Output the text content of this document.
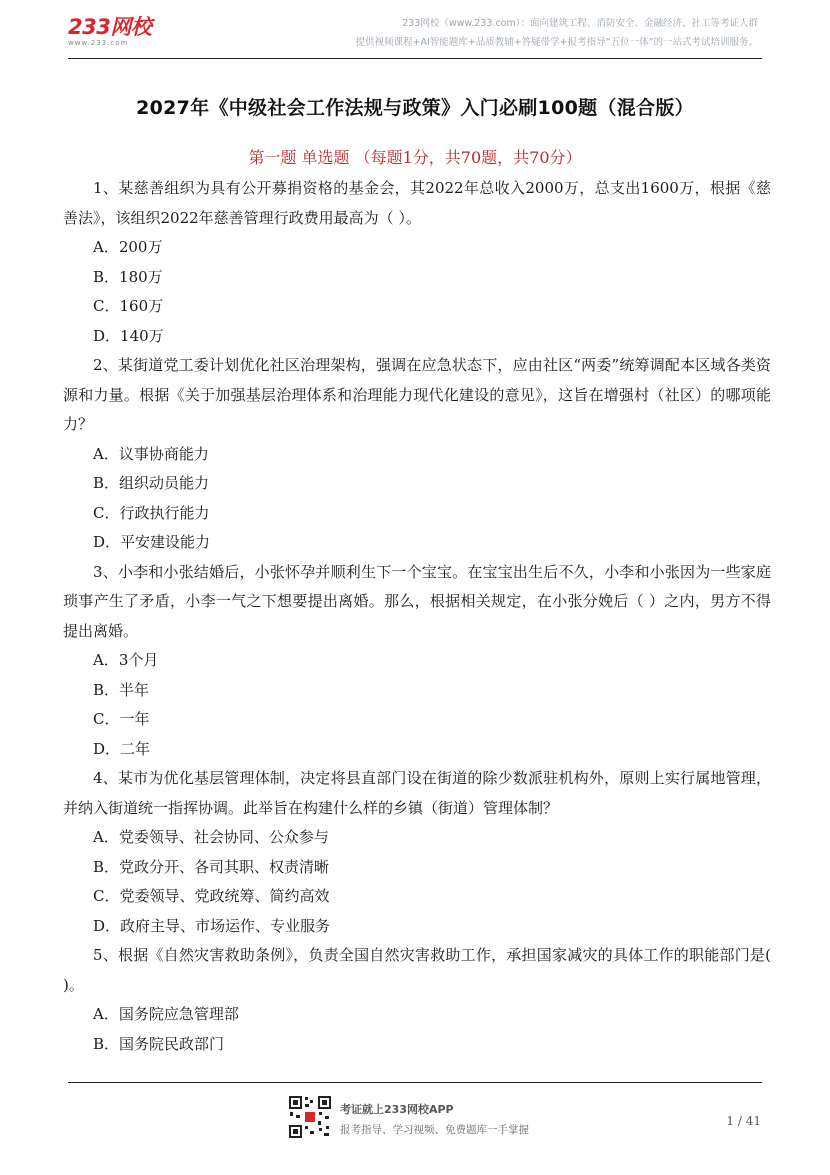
233网校
www.233.com
233网校（www.233.com）：面向建筑工程、消防安全、金融经济、社工等考证人群
提供视频课程+AI智能题库+品质教辅+答疑带学+报考指导“五位一体”的一站式考试培训服务。
2027年《中级社会工作法规与政策》入门必刷100题（混合版）
第一题 单选题 （每题1分，共70题，共70分）

1、某慈善组织为具有公开募捐资格的基金会，其2022年总收入2000万，总支出1600万，根据《慈善法》，该组织2022年慈善管理行政费用最高为（ ）。

A．200万

B．180万

C．160万

D．140万

2、某街道党工委计划优化社区治理架构，强调在应急状态下，应由社区“两委”统筹调配本区域各类资源和力量。根据《关于加强基层治理体系和治理能力现代化建设的意见》，这旨在增强村（社区）的哪项能力？

A．议事协商能力

B．组织动员能力

C．行政执行能力

D．平安建设能力

3、小李和小张结婚后，小张怀孕并顺利生下一个宝宝。在宝宝出生后不久，小李和小张因为一些家庭琐事产生了矛盾，小李一气之下想要提出离婚。那么，根据相关规定，在小张分娩后（ ）之内，男方不得提出离婚。

A．3个月

B．半年

C．一年

D．二年

4、某市为优化基层管理体制，决定将县直部门设在街道的除少数派驻机构外，原则上实行属地管理，并纳入街道统一指挥协调。此举旨在构建什么样的乡镇（街道）管理体制？

A．党委领导、社会协同、公众参与

B．党政分开、各司其职、权责清晰

C．党委领导、党政统筹、简约高效

D．政府主导、市场运作、专业服务

5、根据《自然灾害救助条例》，负责全国自然灾害救助工作，承担国家减灾的具体工作的职能部门是( )。

A．国务院应急管理部

B．国务院民政部门

考证就上233网校APP
报考指导、学习视频、免费题库一手掌握
1 / 41
